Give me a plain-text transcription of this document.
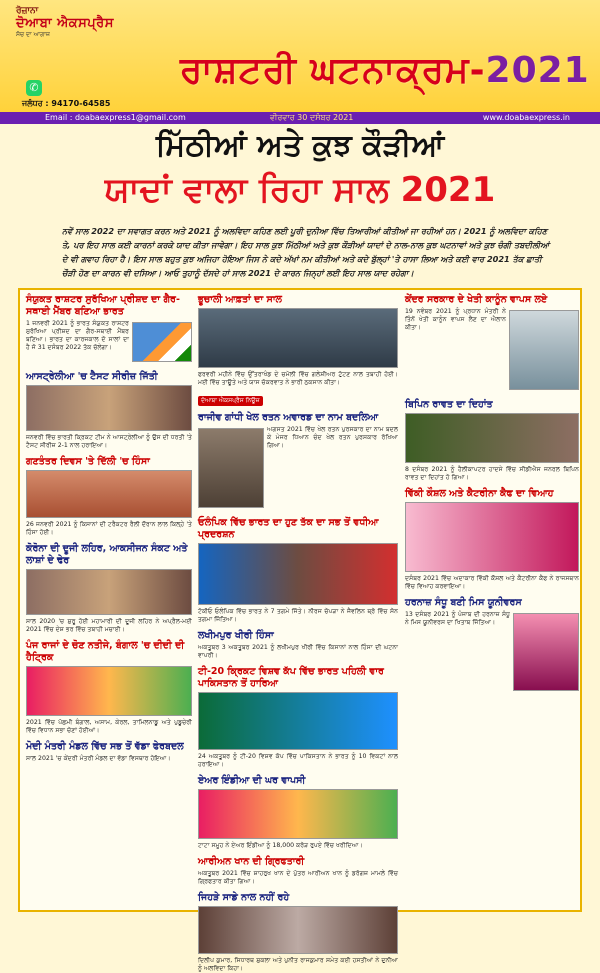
ਰੋਜ਼ਾਨਾ
ਦੋਆਬਾ ਐਕਸਪ੍ਰੈਸ
ਸੱਚ ਦਾ ਆਗਾਜ਼
✆
ਜਲੰਧਰ : 94170-64585
ਰਾਸ਼ਟਰੀ ਘਟਨਾਕ੍ਰਮ-2021
Email : doabaexpress1@gmail.com	ਵੀਰਵਾਰ 30 ਦਸੰਬਰ 2021	www.doabaexpress.in
ਮਿੱਠੀਆਂ ਅਤੇ ਕੁਝ ਕੌੜੀਆਂ
ਯਾਦਾਂ ਵਾਲਾ ਰਿਹਾ ਸਾਲ 2021
ਨਵੇਂ ਸਾਲ 2022 ਦਾ ਸਵਾਗਤ ਕਰਨ ਅਤੇ 2021 ਨੂੰ ਅਲਵਿਦਾ ਕਹਿਣ ਲਈ ਪੂਰੀ ਦੁਨੀਆ ਵਿੱਚ ਤਿਆਰੀਆਂ ਕੀਤੀਆਂ ਜਾ ਰਹੀਆਂ ਹਨ। 2021 ਨੂੰ ਅਲਵਿਦਾ ਕਹਿਣ ਤੇ, ਪਰ ਇਹ ਸਾਲ ਕਈ ਕਾਰਨਾਂ ਕਰਕੇ ਯਾਦ ਕੀਤਾ ਜਾਵੇਗਾ। ਇਹ ਸਾਲ ਕੁਝ ਮਿੱਠੀਆਂ ਅਤੇ ਕੁਝ ਕੌੜੀਆਂ ਯਾਦਾਂ ਦੇ ਨਾਲ-ਨਾਲ ਕੁਝ ਘਟਨਾਵਾਂ ਅਤੇ ਕੁਝ ਚੰਗੀ ਤਬਦੀਲੀਆਂ ਦੇ ਵੀ ਗਵਾਹ ਰਿਹਾ ਹੈ। ਇਸ ਸਾਲ ਬਹੁਤ ਕੁਝ ਅਜਿਹਾ ਹੋਇਆ ਜਿਸ ਨੇ ਕਦੇ ਅੱਖਾਂ ਨਮ ਕੀਤੀਆਂ ਅਤੇ ਕਦੇ ਬੁੱਲ੍ਹਾਂ 'ਤੇ ਹਾਸਾ ਲਿਆ ਅਤੇ ਕਈ ਵਾਰ 2021 ਤੱਕ ਛਾਤੀ ਚੌੜੀ ਹੋਣ ਦਾ ਕਾਰਨ ਵੀ ਦਸਿਆ। ਆਓ ਤੁਹਾਨੂੰ ਦੱਸਦੇ ਹਾਂ ਸਾਲ 2021 ਦੇ ਕਾਰਨ ਜਿਨ੍ਹਾਂ ਲਈ ਇਹ ਸਾਲ ਯਾਦ ਰਹੇਗਾ।
ਸੰਯੁਕਤ ਰਾਸ਼ਟਰ ਸੁਰੱਖਿਆ ਪ੍ਰੀਸ਼ਦ ਦਾ ਗੈਰ-ਸਥਾਈ ਮੈਂਬਰ ਬਣਿਆ ਭਾਰਤ
1 ਜਨਵਰੀ 2021 ਨੂੰ ਭਾਰਤ ਸੰਯੁਕਤ ਰਾਸ਼ਟਰ ਸੁਰੱਖਿਆ ਪ੍ਰੀਸ਼ਦ ਦਾ ਗੈਰ-ਸਥਾਈ ਮੈਂਬਰ ਬਣਿਆ। ਭਾਰਤ ਦਾ ਕਾਰਜਕਾਲ ਦੋ ਸਾਲਾਂ ਦਾ ਹੈ ਜੋ 31 ਦਸੰਬਰ 2022 ਤੱਕ ਚੱਲੇਗਾ।
ਆਸਟ੍ਰੇਲੀਆ 'ਚ ਟੈਸਟ ਸੀਰੀਜ਼ ਜਿੱਤੀ
ਜਨਵਰੀ ਵਿੱਚ ਭਾਰਤੀ ਕ੍ਰਿਕਟ ਟੀਮ ਨੇ ਆਸਟ੍ਰੇਲੀਆ ਨੂੰ ਉਸ ਦੀ ਧਰਤੀ 'ਤੇ ਟੈਸਟ ਸੀਰੀਜ਼ 2-1 ਨਾਲ ਹਰਾਇਆ।
ਗਣਤੰਤਰ ਦਿਵਸ 'ਤੇ ਦਿੱਲੀ 'ਚ ਹਿੰਸਾ
26 ਜਨਵਰੀ 2021 ਨੂੰ ਕਿਸਾਨਾਂ ਦੀ ਟਰੈਕਟਰ ਰੈਲੀ ਦੌਰਾਨ ਲਾਲ ਕਿਲ੍ਹੇ 'ਤੇ ਹਿੰਸਾ ਹੋਈ।
ਕੋਰੋਨਾ ਦੀ ਦੂਜੀ ਲਹਿਰ, ਆਕਸੀਜਨ ਸੰਕਟ ਅਤੇ ਲਾਸ਼ਾਂ ਦੇ ਢੇਰ
ਸਾਲ 2020 'ਚ ਸ਼ੁਰੂ ਹੋਈ ਮਹਾਮਾਰੀ ਦੀ ਦੂਜੀ ਲਹਿਰ ਨੇ ਅਪ੍ਰੈਲ-ਮਈ 2021 ਵਿੱਚ ਦੇਸ਼ ਭਰ ਵਿੱਚ ਤਬਾਹੀ ਮਚਾਈ।
ਪੰਜ ਰਾਜਾਂ ਦੇ ਚੋਣ ਨਤੀਜੇ, ਬੰਗਾਲ 'ਚ ਦੀਦੀ ਦੀ ਹੈਟ੍ਰਿਕ
2021 ਵਿੱਚ ਪੱਛਮੀ ਬੰਗਾਲ, ਅਸਾਮ, ਕੇਰਲ, ਤਾਮਿਲਨਾਡੂ ਅਤੇ ਪੁਡੂਚੇਰੀ ਵਿੱਚ ਵਿਧਾਨ ਸਭਾ ਚੋਣਾਂ ਹੋਈਆਂ।
ਮੋਦੀ ਮੰਤਰੀ ਮੰਡਲ ਵਿੱਚ ਸਭ ਤੋਂ ਵੱਡਾ ਫੇਰਬਦਲ
ਸਾਲ 2021 'ਚ ਕੇਂਦਰੀ ਮੰਤਰੀ ਮੰਡਲ ਦਾ ਵੱਡਾ ਵਿਸਥਾਰ ਹੋਇਆ।
ਭੂਚਾਲੀ ਆਫ਼ਤਾਂ ਦਾ ਸਾਲ
ਫਰਵਰੀ ਮਹੀਨੇ ਵਿੱਚ ਉੱਤਰਾਖੰਡ ਦੇ ਚਮੋਲੀ ਵਿੱਚ ਗਲੇਸ਼ੀਅਰ ਟੁੱਟਣ ਨਾਲ ਤਬਾਹੀ ਹੋਈ। ਮਈ ਵਿੱਚ ਤਾਊਤੇ ਅਤੇ ਯਾਸ ਚੱਕਰਵਾਤ ਨੇ ਭਾਰੀ ਨੁਕਸਾਨ ਕੀਤਾ।
ਦੋਆਬਾ ਐਕਸਪ੍ਰੈਸ ਨਿਊਜ਼
ਰਾਜੀਵ ਗਾਂਧੀ ਖੇਲ ਰਤਨ ਅਵਾਰਡ ਦਾ ਨਾਮ ਬਦਲਿਆ
ਅਗਸਤ 2021 ਵਿੱਚ ਖੇਲ ਰਤਨ ਪੁਰਸਕਾਰ ਦਾ ਨਾਮ ਬਦਲ ਕੇ ਮੇਜਰ ਧਿਆਨ ਚੰਦ ਖੇਲ ਰਤਨ ਪੁਰਸਕਾਰ ਰੱਖਿਆ ਗਿਆ।
ਓਲੰਪਿਕ ਵਿੱਚ ਭਾਰਤ ਦਾ ਹੁਣ ਤੱਕ ਦਾ ਸਭ ਤੋਂ ਵਧੀਆ ਪ੍ਰਦਰਸ਼ਨ
ਟੋਕੀਓ ਓਲੰਪਿਕ ਵਿੱਚ ਭਾਰਤ ਨੇ 7 ਤਗਮੇ ਜਿੱਤੇ। ਨੀਰਜ ਚੋਪੜਾ ਨੇ ਜੈਵਲਿਨ ਥ੍ਰੋ ਵਿੱਚ ਸੋਨ ਤਗਮਾ ਜਿੱਤਿਆ।
ਲਖੀਮਪੁਰ ਖੀਰੀ ਹਿੰਸਾ
ਅਕਤੂਬਰ 3 ਅਕਤੂਬਰ 2021 ਨੂੰ ਲਖੀਮਪੁਰ ਖੀਰੀ ਵਿੱਚ ਕਿਸਾਨਾਂ ਨਾਲ ਹਿੰਸਾ ਦੀ ਘਟਨਾ ਵਾਪਰੀ।
ਟੀ-20 ਕ੍ਰਿਕਟ ਵਿਸ਼ਵ ਕੱਪ ਵਿੱਚ ਭਾਰਤ ਪਹਿਲੀ ਵਾਰ ਪਾਕਿਸਤਾਨ ਤੋਂ ਹਾਰਿਆ
24 ਅਕਤੂਬਰ ਨੂੰ ਟੀ-20 ਵਿਸ਼ਵ ਕੱਪ ਵਿੱਚ ਪਾਕਿਸਤਾਨ ਨੇ ਭਾਰਤ ਨੂੰ 10 ਵਿਕਟਾਂ ਨਾਲ ਹਰਾਇਆ।
ਏਅਰ ਇੰਡੀਆ ਦੀ ਘਰ ਵਾਪਸੀ
ਟਾਟਾ ਸਮੂਹ ਨੇ ਏਅਰ ਇੰਡੀਆ ਨੂੰ 18,000 ਕਰੋੜ ਰੁਪਏ ਵਿੱਚ ਖਰੀਦਿਆ।
ਆਰੀਅਨ ਖਾਨ ਦੀ ਗ੍ਰਿਫਤਾਰੀ
ਅਕਤੂਬਰ 2021 ਵਿੱਚ ਸ਼ਾਹਰੁਖ ਖਾਨ ਦੇ ਪੁੱਤਰ ਆਰੀਅਨ ਖਾਨ ਨੂੰ ਡਰੱਗਜ਼ ਮਾਮਲੇ ਵਿੱਚ ਗ੍ਰਿਫਤਾਰ ਕੀਤਾ ਗਿਆ।
ਜਿਹੜੇ ਸਾਡੇ ਨਾਲ ਨਹੀਂ ਰਹੇ
ਦਿਲੀਪ ਕੁਮਾਰ, ਸਿਧਾਰਥ ਸ਼ੁਕਲਾ ਅਤੇ ਪੁਨੀਤ ਰਾਜਕੁਮਾਰ ਸਮੇਤ ਕਈ ਹਸਤੀਆਂ ਨੇ ਦੁਨੀਆ ਨੂੰ ਅਲਵਿਦਾ ਕਿਹਾ।
ਕੇਂਦਰ ਸਰਕਾਰ ਦੇ ਖੇਤੀ ਕਾਨੂੰਨ ਵਾਪਸ ਲਏ
19 ਨਵੰਬਰ 2021 ਨੂੰ ਪ੍ਰਧਾਨ ਮੰਤਰੀ ਨੇ ਤਿੰਨੋਂ ਖੇਤੀ ਕਾਨੂੰਨ ਵਾਪਸ ਲੈਣ ਦਾ ਐਲਾਨ ਕੀਤਾ।
ਬਿਪਿਨ ਰਾਵਤ ਦਾ ਦਿਹਾਂਤ
8 ਦਸੰਬਰ 2021 ਨੂੰ ਹੈਲੀਕਾਪਟਰ ਹਾਦਸੇ ਵਿੱਚ ਸੀਡੀਐਸ ਜਨਰਲ ਬਿਪਿਨ ਰਾਵਤ ਦਾ ਦਿਹਾਂਤ ਹੋ ਗਿਆ।
ਵਿੱਕੀ ਕੌਸ਼ਲ ਅਤੇ ਕੈਟਰੀਨਾ ਕੈਫ ਦਾ ਵਿਆਹ
ਦਸੰਬਰ 2021 ਵਿੱਚ ਅਦਾਕਾਰ ਵਿੱਕੀ ਕੌਸ਼ਲ ਅਤੇ ਕੈਟਰੀਨਾ ਕੈਫ ਨੇ ਰਾਜਸਥਾਨ ਵਿੱਚ ਵਿਆਹ ਕਰਵਾਇਆ।
ਹਰਨਾਜ਼ ਸੰਧੂ ਬਣੀ ਮਿਸ ਯੂਨੀਵਰਸ
13 ਦਸੰਬਰ 2021 ਨੂੰ ਪੰਜਾਬ ਦੀ ਹਰਨਾਜ਼ ਸੰਧੂ ਨੇ ਮਿਸ ਯੂਨੀਵਰਸ ਦਾ ਖਿਤਾਬ ਜਿੱਤਿਆ।
